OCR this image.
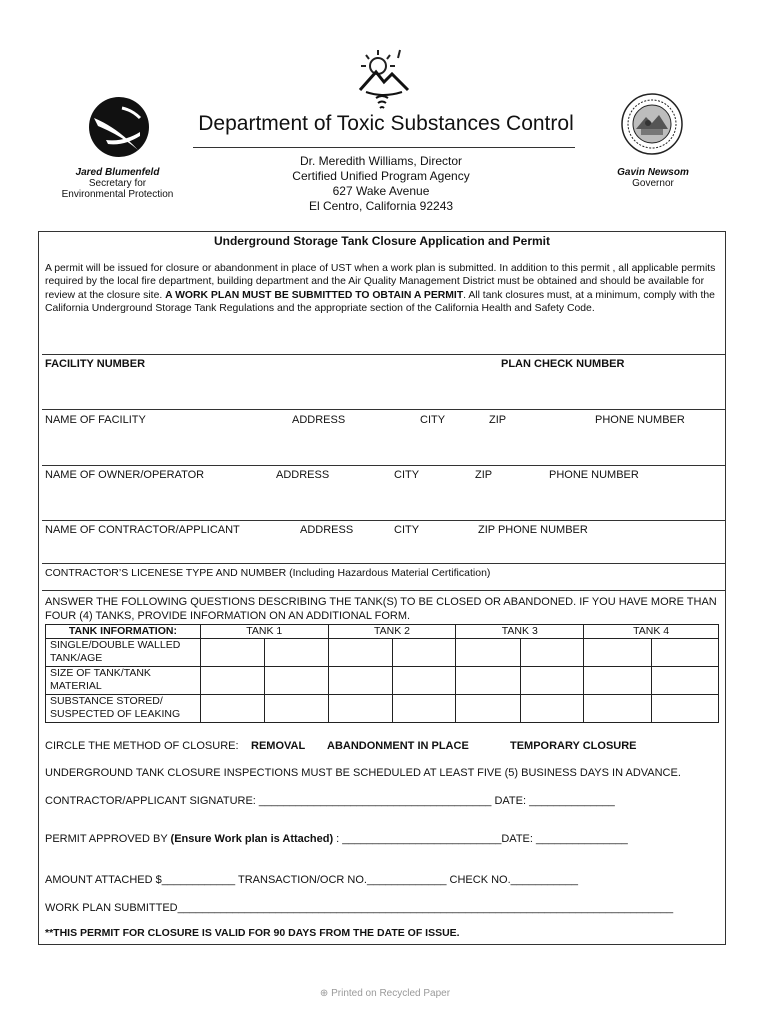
Department of Toxic Substances Control
Dr. Meredith Williams, Director
Certified Unified Program Agency
627 Wake Avenue
El Centro, California 92243
Jared Blumenfeld
Secretary for
Environmental Protection
Gavin Newsom
Governor
Underground Storage Tank Closure Application and Permit
A permit will be issued for closure or abandonment in place of UST when a work plan is submitted. In addition to this permit , all applicable permits required by the local fire department, building department and the Air Quality Management District must be obtained and should be available for review at the closure site. A WORK PLAN MUST BE SUBMITTED TO OBTAIN A PERMIT. All tank closures must, at a minimum, comply with the California Underground Storage Tank Regulations and the appropriate section of the California Health and Safety Code.
FACILITY NUMBER	PLAN CHECK NUMBER
NAME OF FACILITY	ADDRESS	CITY	ZIP	PHONE NUMBER
NAME OF OWNER/OPERATOR	ADDRESS	CITY	ZIP	PHONE NUMBER
NAME OF CONTRACTOR/APPLICANT	ADDRESS	CITY	ZIP PHONE NUMBER
CONTRACTOR’S LICENESE TYPE AND NUMBER (Including Hazardous Material Certification)
ANSWER THE FOLLOWING QUESTIONS DESCRIBING THE TANK(S) TO BE CLOSED OR ABANDONED. IF YOU HAVE MORE THAN FOUR (4) TANKS, PROVIDE INFORMATION ON AN ADDITIONAL FORM.
TANK INFORMATION:	TANK 1	TANK 2	TANK 3	TANK 4
SINGLE/DOUBLE WALLED TANK/AGE	

SIZE OF TANK/TANK MATERIAL	

SUBSTANCE STORED/ SUSPECTED OF LEAKING	

CIRCLE THE METHOD OF CLOSURE: REMOVAL ABANDONMENT IN PLACE	TEMPORARY CLOSURE
UNDERGROUND TANK CLOSURE INSPECTIONS MUST BE SCHEDULED AT LEAST FIVE (5) BUSINESS DAYS IN ADVANCE.
CONTRACTOR/APPLICANT SIGNATURE: ______________________________________ DATE: ______________
PERMIT APPROVED BY (Ensure Work plan is Attached) : __________________________DATE: _______________
AMOUNT ATTACHED $____________ TRANSACTION/OCR NO._____________ CHECK NO.___________
WORK PLAN SUBMITTED_________________________________________________________________________________
**THIS PERMIT FOR CLOSURE IS VALID FOR 90 DAYS FROM THE DATE OF ISSUE.
⊕ Printed on Recycled Paper
